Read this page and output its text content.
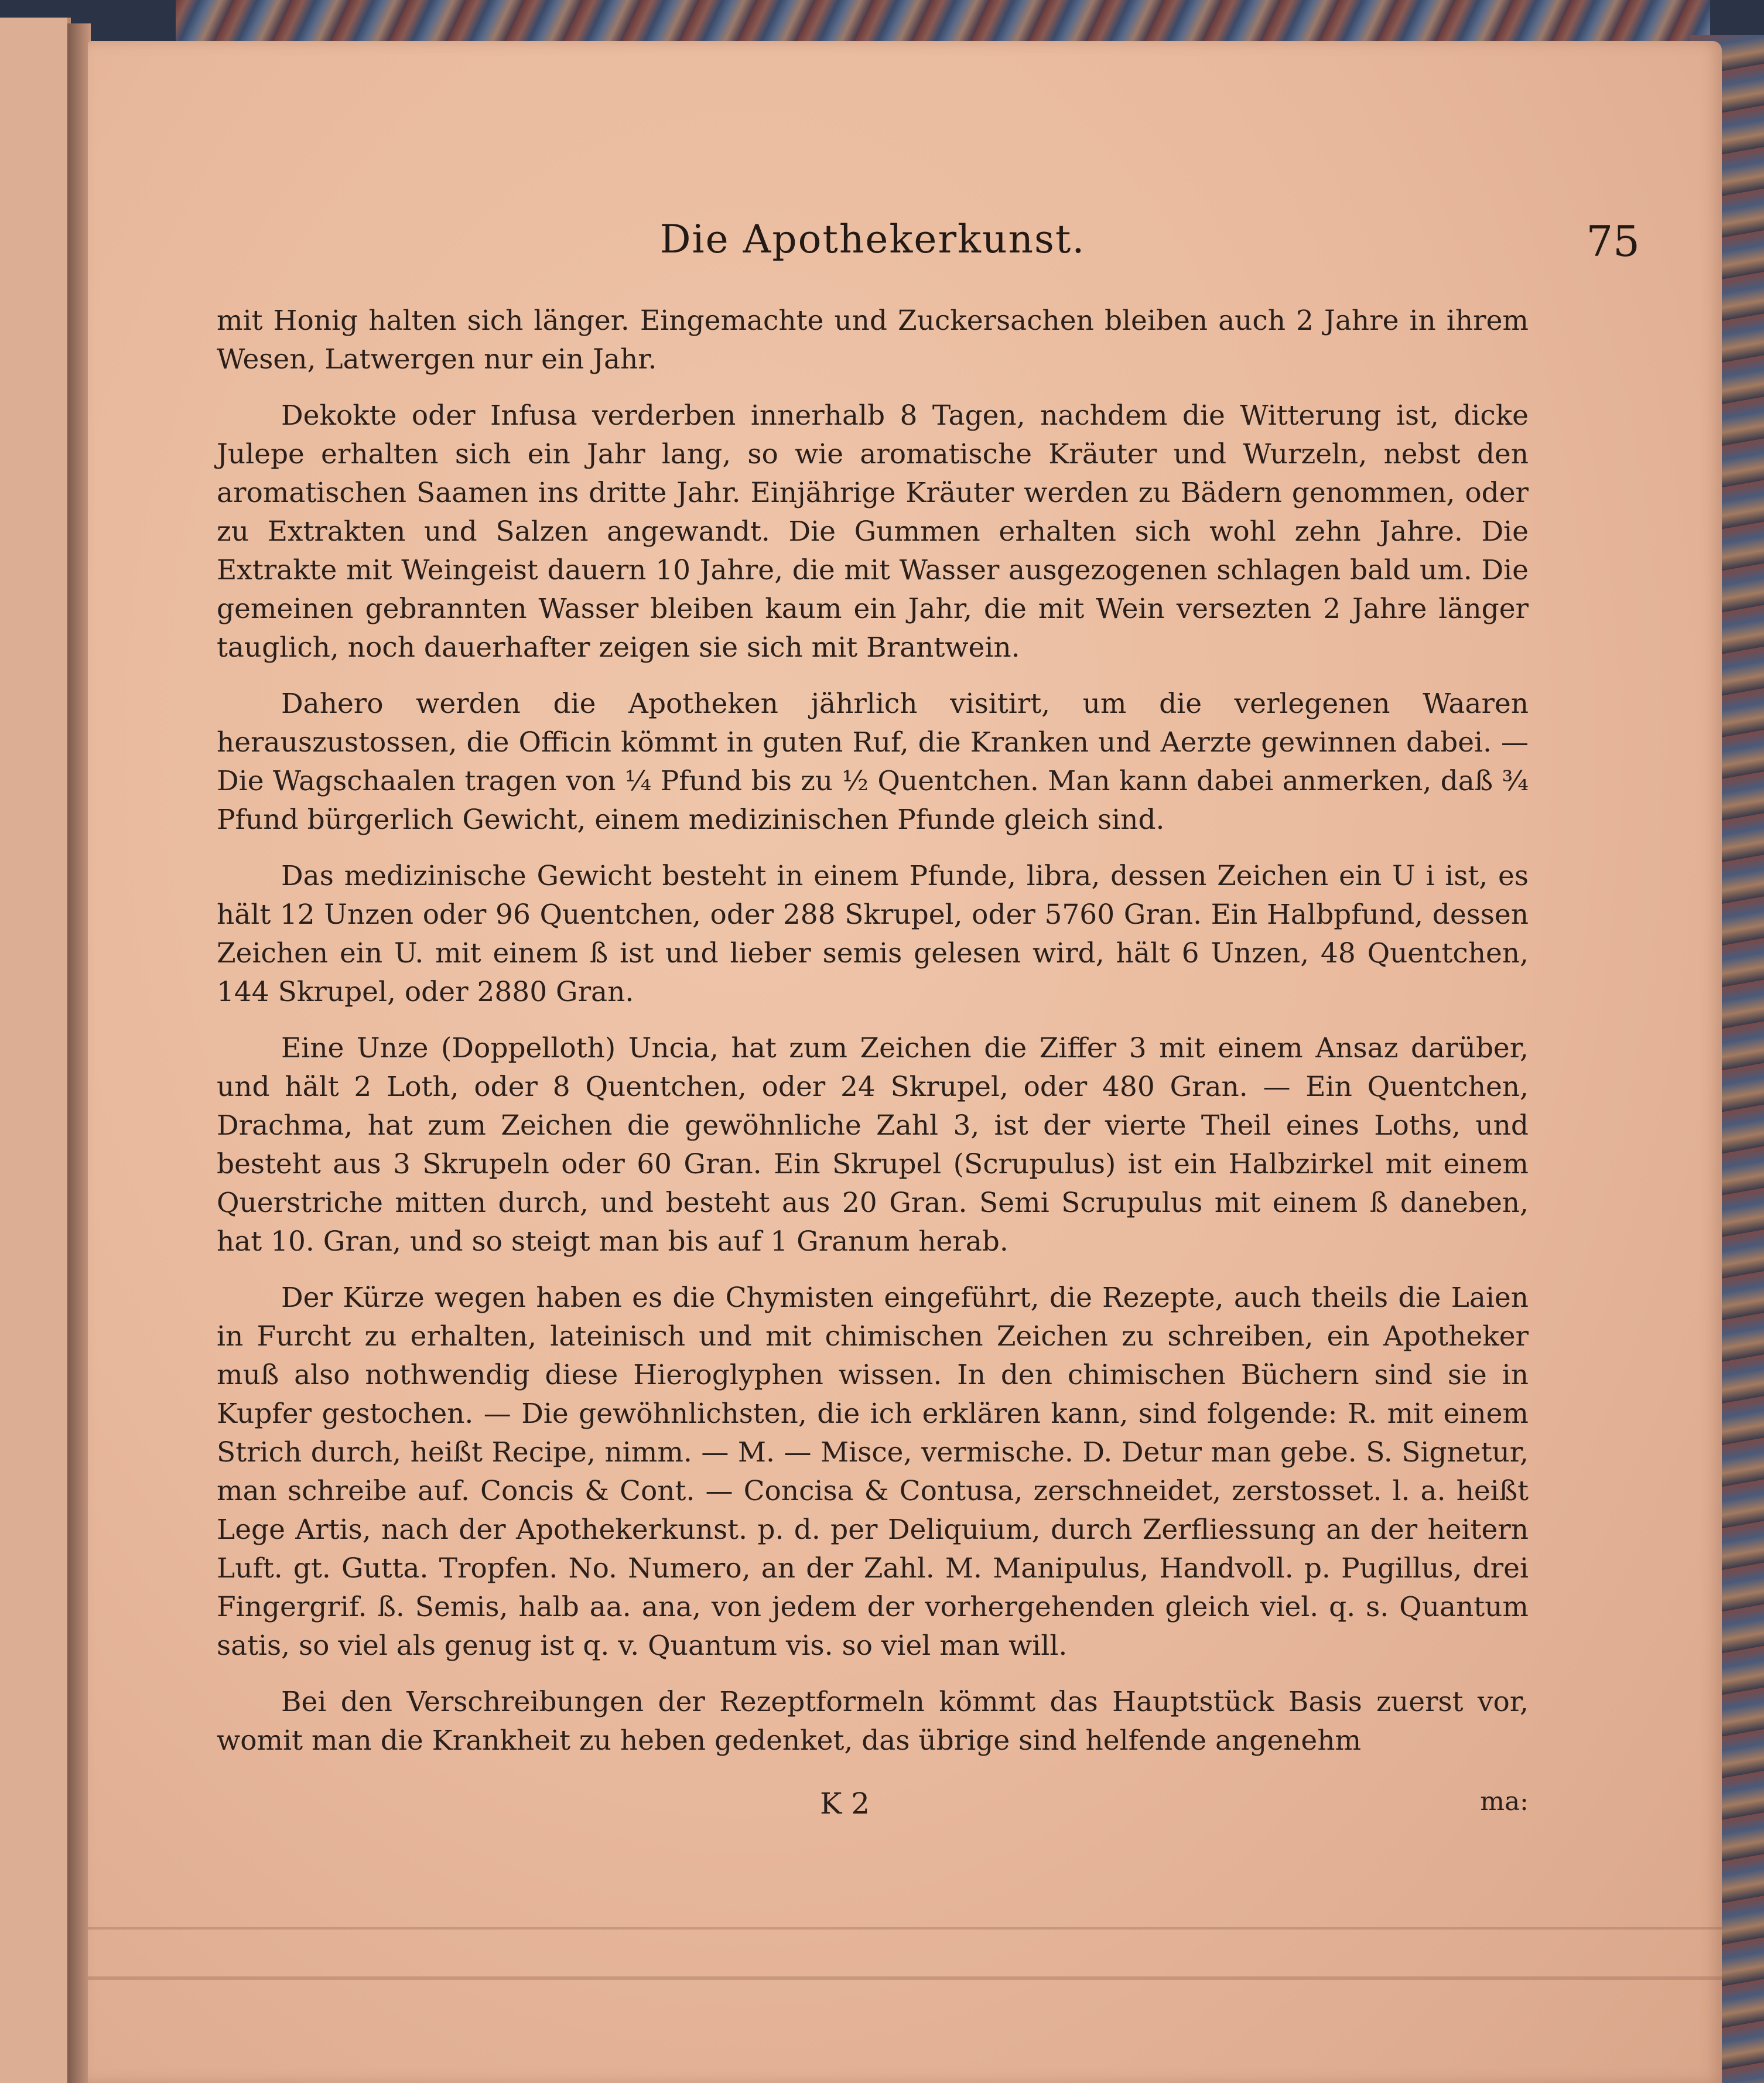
Die Apothekerkunst.	75

mit Honig halten sich länger. Eingemachte und Zuckersachen bleiben auch 2 Jahre in ihrem Wesen, Latwergen nur ein Jahr.

Dekokte oder Infusa verderben innerhalb 8 Tagen, nachdem die Witterung ist, dicke Julepe erhalten sich ein Jahr lang, so wie aromatische Kräuter und Wurzeln, nebst den aromatischen Saamen ins dritte Jahr. Einjährige Kräuter werden zu Bädern genommen, oder zu Extrakten und Salzen angewandt. Die Gummen erhalten sich wohl zehn Jahre. Die Extrakte mit Weingeist dauern 10 Jahre, die mit Wasser ausgezogenen schlagen bald um. Die gemeinen gebrannten Wasser bleiben kaum ein Jahr, die mit Wein versezten 2 Jahre länger tauglich, noch dauerhafter zeigen sie sich mit Brantwein.

Dahero werden die Apotheken jährlich visitirt, um die verlegenen Waaren herauszustossen, die Officin kömmt in guten Ruf, die Kranken und Aerzte gewinnen dabei. — Die Wagschaalen tragen von ¼ Pfund bis zu ½ Quentchen. Man kann dabei anmerken, daß ¾ Pfund bürgerlich Gewicht, einem medizinischen Pfunde gleich sind.

Das medizinische Gewicht besteht in einem Pfunde, libra, dessen Zeichen ein U i ist, es hält 12 Unzen oder 96 Quentchen, oder 288 Skrupel, oder 5760 Gran. Ein Halbpfund, dessen Zeichen ein U. mit einem ß ist und lieber semis gelesen wird, hält 6 Unzen, 48 Quentchen, 144 Skrupel, oder 2880 Gran.

Eine Unze (Doppelloth) Uncia, hat zum Zeichen die Ziffer 3 mit einem Ansaz darüber, und hält 2 Loth, oder 8 Quentchen, oder 24 Skrupel, oder 480 Gran. — Ein Quentchen, Drachma, hat zum Zeichen die gewöhnliche Zahl 3, ist der vierte Theil eines Loths, und besteht aus 3 Skrupeln oder 60 Gran. Ein Skrupel (Scrupulus) ist ein Halbzirkel mit einem Querstriche mitten durch, und besteht aus 20 Gran. Semi Scrupulus mit einem ß daneben, hat 10. Gran, und so steigt man bis auf 1 Granum herab.

Der Kürze wegen haben es die Chymisten eingeführt, die Rezepte, auch theils die Laien in Furcht zu erhalten, lateinisch und mit chimischen Zeichen zu schreiben, ein Apotheker muß also nothwendig diese Hieroglyphen wissen. In den chimischen Büchern sind sie in Kupfer gestochen. — Die gewöhnlichsten, die ich erklären kann, sind folgende: R. mit einem Strich durch, heißt Recipe, nimm. — M. — Misce, vermische. D. Detur man gebe. S. Signetur, man schreibe auf. Concis & Cont. — Concisa & Contusa, zerschneidet, zerstosset. l. a. heißt Lege Artis, nach der Apothekerkunst. p. d. per Deliquium, durch Zerfliessung an der heitern Luft. gt. Gutta. Tropfen. No. Numero, an der Zahl. M. Manipulus, Handvoll. p. Pugillus, drei Fingergrif. ß. Semis, halb aa. ana, von jedem der vorhergehenden gleich viel. q. s. Quantum satis, so viel als genug ist q. v. Quantum vis. so viel man will.

Bei den Verschreibungen der Rezeptformeln kömmt das Hauptstück Basis zuerst vor, womit man die Krankheit zu heben gedenket, das übrige sind helfende angenehm

K 2	ma:
